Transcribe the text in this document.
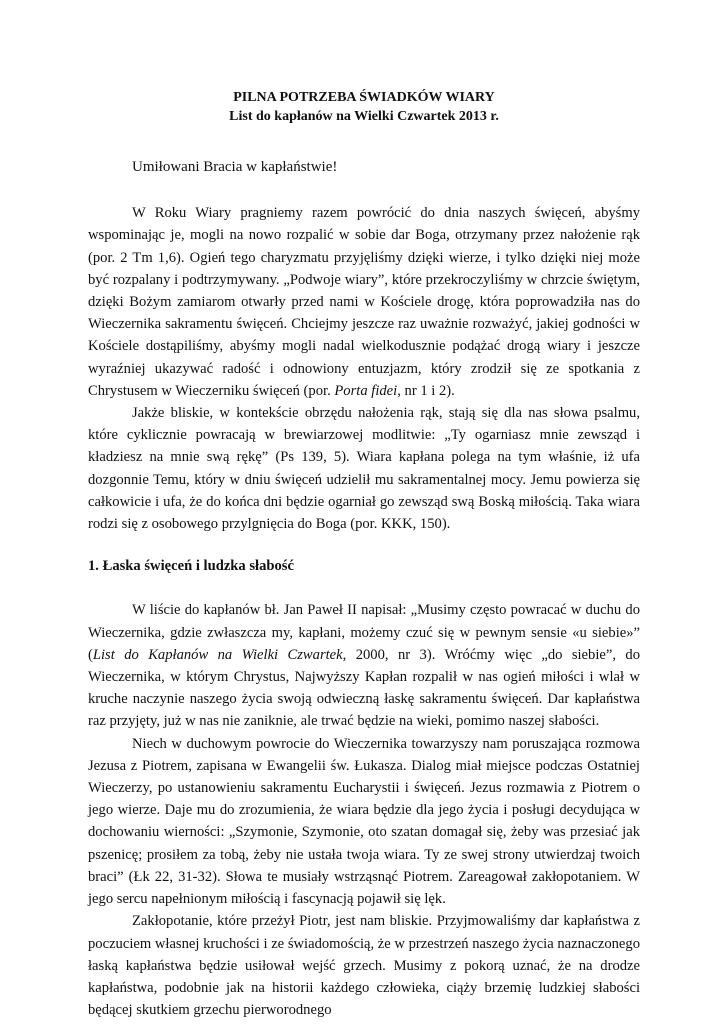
PILNA POTRZEBA ŚWIADKÓW WIARY
List do kapłanów na Wielki Czwartek 2013 r.
Umiłowani Bracia w kapłaństwie!

W Roku Wiary pragniemy razem powrócić do dnia naszych święceń, abyśmy wspominając je, mogli na nowo rozpalić w sobie dar Boga, otrzymany przez nałożenie rąk (por. 2 Tm 1,6). Ogień tego charyzmatu przyjęliśmy dzięki wierze, i tylko dzięki niej może być rozpalany i podtrzymywany. „Podwoje wiary”, które przekroczyliśmy w chrzcie świętym, dzięki Bożym zamiarom otwarły przed nami w Kościele drogę, która poprowadziła nas do Wieczernika sakramentu święceń. Chciejmy jeszcze raz uważnie rozważyć, jakiej godności w Kościele dostąpiliśmy, abyśmy mogli nadal wielkodusznie podążać drogą wiary i jeszcze wyraźniej ukazywać radość i odnowiony entuzjazm, który zrodził się ze spotkania z Chrystusem w Wieczerniku święceń (por. Porta fidei, nr 1 i 2).

Jakże bliskie, w kontekście obrzędu nałożenia rąk, stają się dla nas słowa psalmu, które cyklicznie powracają w brewiarzowej modlitwie: „Ty ogarniasz mnie zewsząd i kładziesz na mnie swą rękę” (Ps 139, 5). Wiara kapłana polega na tym właśnie, iż ufa dozgonnie Temu, który w dniu święceń udzielił mu sakramentalnej mocy. Jemu powierza się całkowicie i ufa, że do końca dni będzie ogarniał go zewsząd swą Boską miłością. Taka wiara rodzi się z osobowego przylgnięcia do Boga (por. KKK, 150).

1. Łaska święceń i ludzka słabość

W liście do kapłanów bł. Jan Paweł II napisał: „Musimy często powracać w duchu do Wieczernika, gdzie zwłaszcza my, kapłani, możemy czuć się w pewnym sensie «u siebie»” (List do Kapłanów na Wielki Czwartek, 2000, nr 3). Wróćmy więc „do siebie”, do Wieczernika, w którym Chrystus, Najwyższy Kapłan rozpalił w nas ogień miłości i wlał w kruche naczynie naszego życia swoją odwieczną łaskę sakramentu święceń. Dar kapłaństwa raz przyjęty, już w nas nie zaniknie, ale trwać będzie na wieki, pomimo naszej słabości.

Niech w duchowym powrocie do Wieczernika towarzyszy nam poruszająca rozmowa Jezusa z Piotrem, zapisana w Ewangelii św. Łukasza. Dialog miał miejsce podczas Ostatniej Wieczerzy, po ustanowieniu sakramentu Eucharystii i święceń. Jezus rozmawia z Piotrem o jego wierze. Daje mu do zrozumienia, że wiara będzie dla jego życia i posługi decydująca w dochowaniu wierności: „Szymonie, Szymonie, oto szatan domagał się, żeby was przesiać jak pszenicę; prosiłem za tobą, żeby nie ustała twoja wiara. Ty ze swej strony utwierdzaj twoich braci” (Łk 22, 31-32). Słowa te musiały wstrząsnąć Piotrem. Zareagował zakłopotaniem. W jego sercu napełnionym miłością i fascynacją pojawił się lęk.

Zakłopotanie, które przeżył Piotr, jest nam bliskie. Przyjmowaliśmy dar kapłaństwa z poczuciem własnej kruchości i ze świadomością, że w przestrzeń naszego życia naznaczonego łaską kapłaństwa będzie usiłował wejść grzech. Musimy z pokorą uznać, że na drodze kapłaństwa, podobnie jak na historii każdego człowieka, ciąży brzemię ludzkiej słabości będącej skutkiem grzechu pierworodnego
